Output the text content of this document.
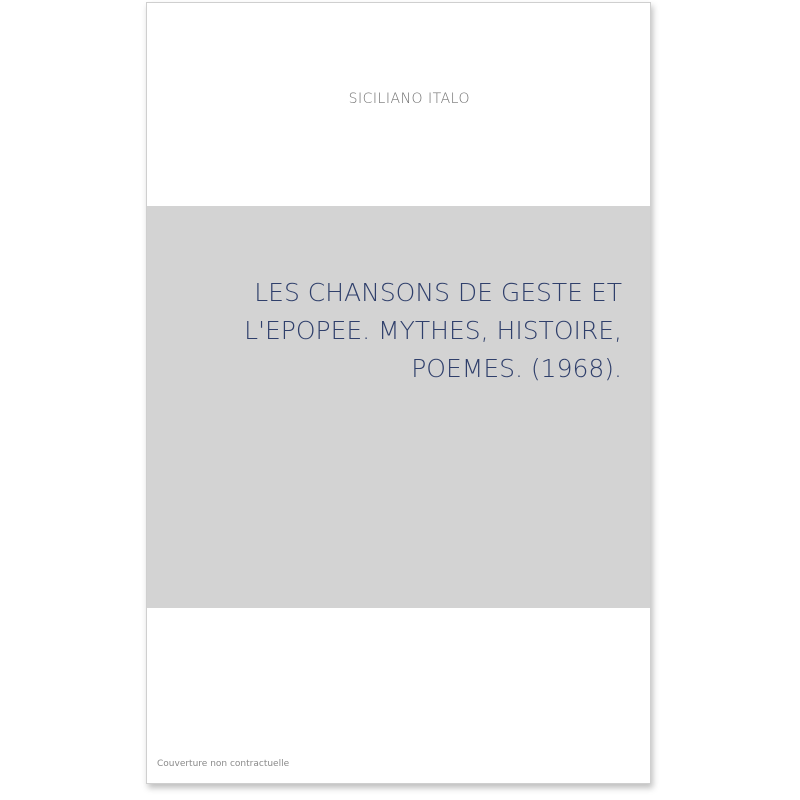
SICILIANO ITALO
LES CHANSONS DE GESTE ET L'EPOPEE. MYTHES, HISTOIRE, POEMES. (1968).
Couverture non contractuelle
